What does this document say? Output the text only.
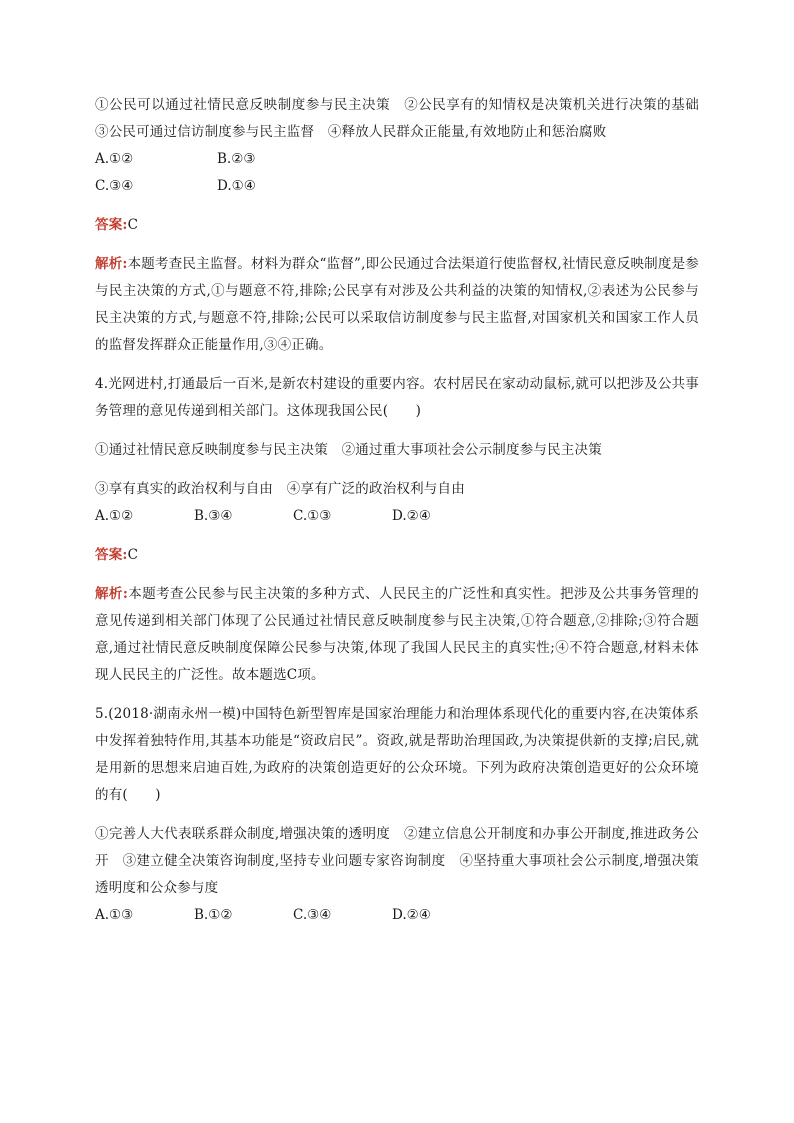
①公民可以通过社情民意反映制度参与民主决策　②公民享有的知情权是决策机关进行决策的基础　③公民可通过信访制度参与民主监督　④释放人民群众正能量,有效地防止和惩治腐败

A.①②	B.②③
C.③④	D.①④

答案:C

解析:本题考查民主监督。材料为群众“监督”,即公民通过合法渠道行使监督权,社情民意反映制度是参与民主决策的方式,①与题意不符,排除;公民享有对涉及公共利益的决策的知情权,②表述为公民参与民主决策的方式,与题意不符,排除;公民可以采取信访制度参与民主监督,对国家机关和国家工作人员的监督发挥群众正能量作用,③④正确。

4.光网进村,打通最后一百米,是新农村建设的重要内容。农村居民在家动动鼠标,就可以把涉及公共事务管理的意见传递到相关部门。这体现我国公民(　　)

①通过社情民意反映制度参与民主决策　②通过重大事项社会公示制度参与民主决策

③享有真实的政治权利与自由　④享有广泛的政治权利与自由

A.①②	B.③④	C.①③	D.②④

答案:C

解析:本题考查公民参与民主决策的多种方式、人民民主的广泛性和真实性。把涉及公共事务管理的意见传递到相关部门体现了公民通过社情民意反映制度参与民主决策,①符合题意,②排除;③符合题意,通过社情民意反映制度保障公民参与决策,体现了我国人民民主的真实性;④不符合题意,材料未体现人民民主的广泛性。故本题选C项。

5.(2018·湖南永州一模)中国特色新型智库是国家治理能力和治理体系现代化的重要内容,在决策体系中发挥着独特作用,其基本功能是“资政启民”。资政,就是帮助治理国政,为决策提供新的支撑;启民,就是用新的思想来启迪百姓,为政府的决策创造更好的公众环境。下列为政府决策创造更好的公众环境的有(　　)

①完善人大代表联系群众制度,增强决策的透明度　②建立信息公开制度和办事公开制度,推进政务公开　③建立健全决策咨询制度,坚持专业问题专家咨询制度　④坚持重大事项社会公示制度,增强决策透明度和公众参与度

A.①③	B.①②	C.③④	D.②④
